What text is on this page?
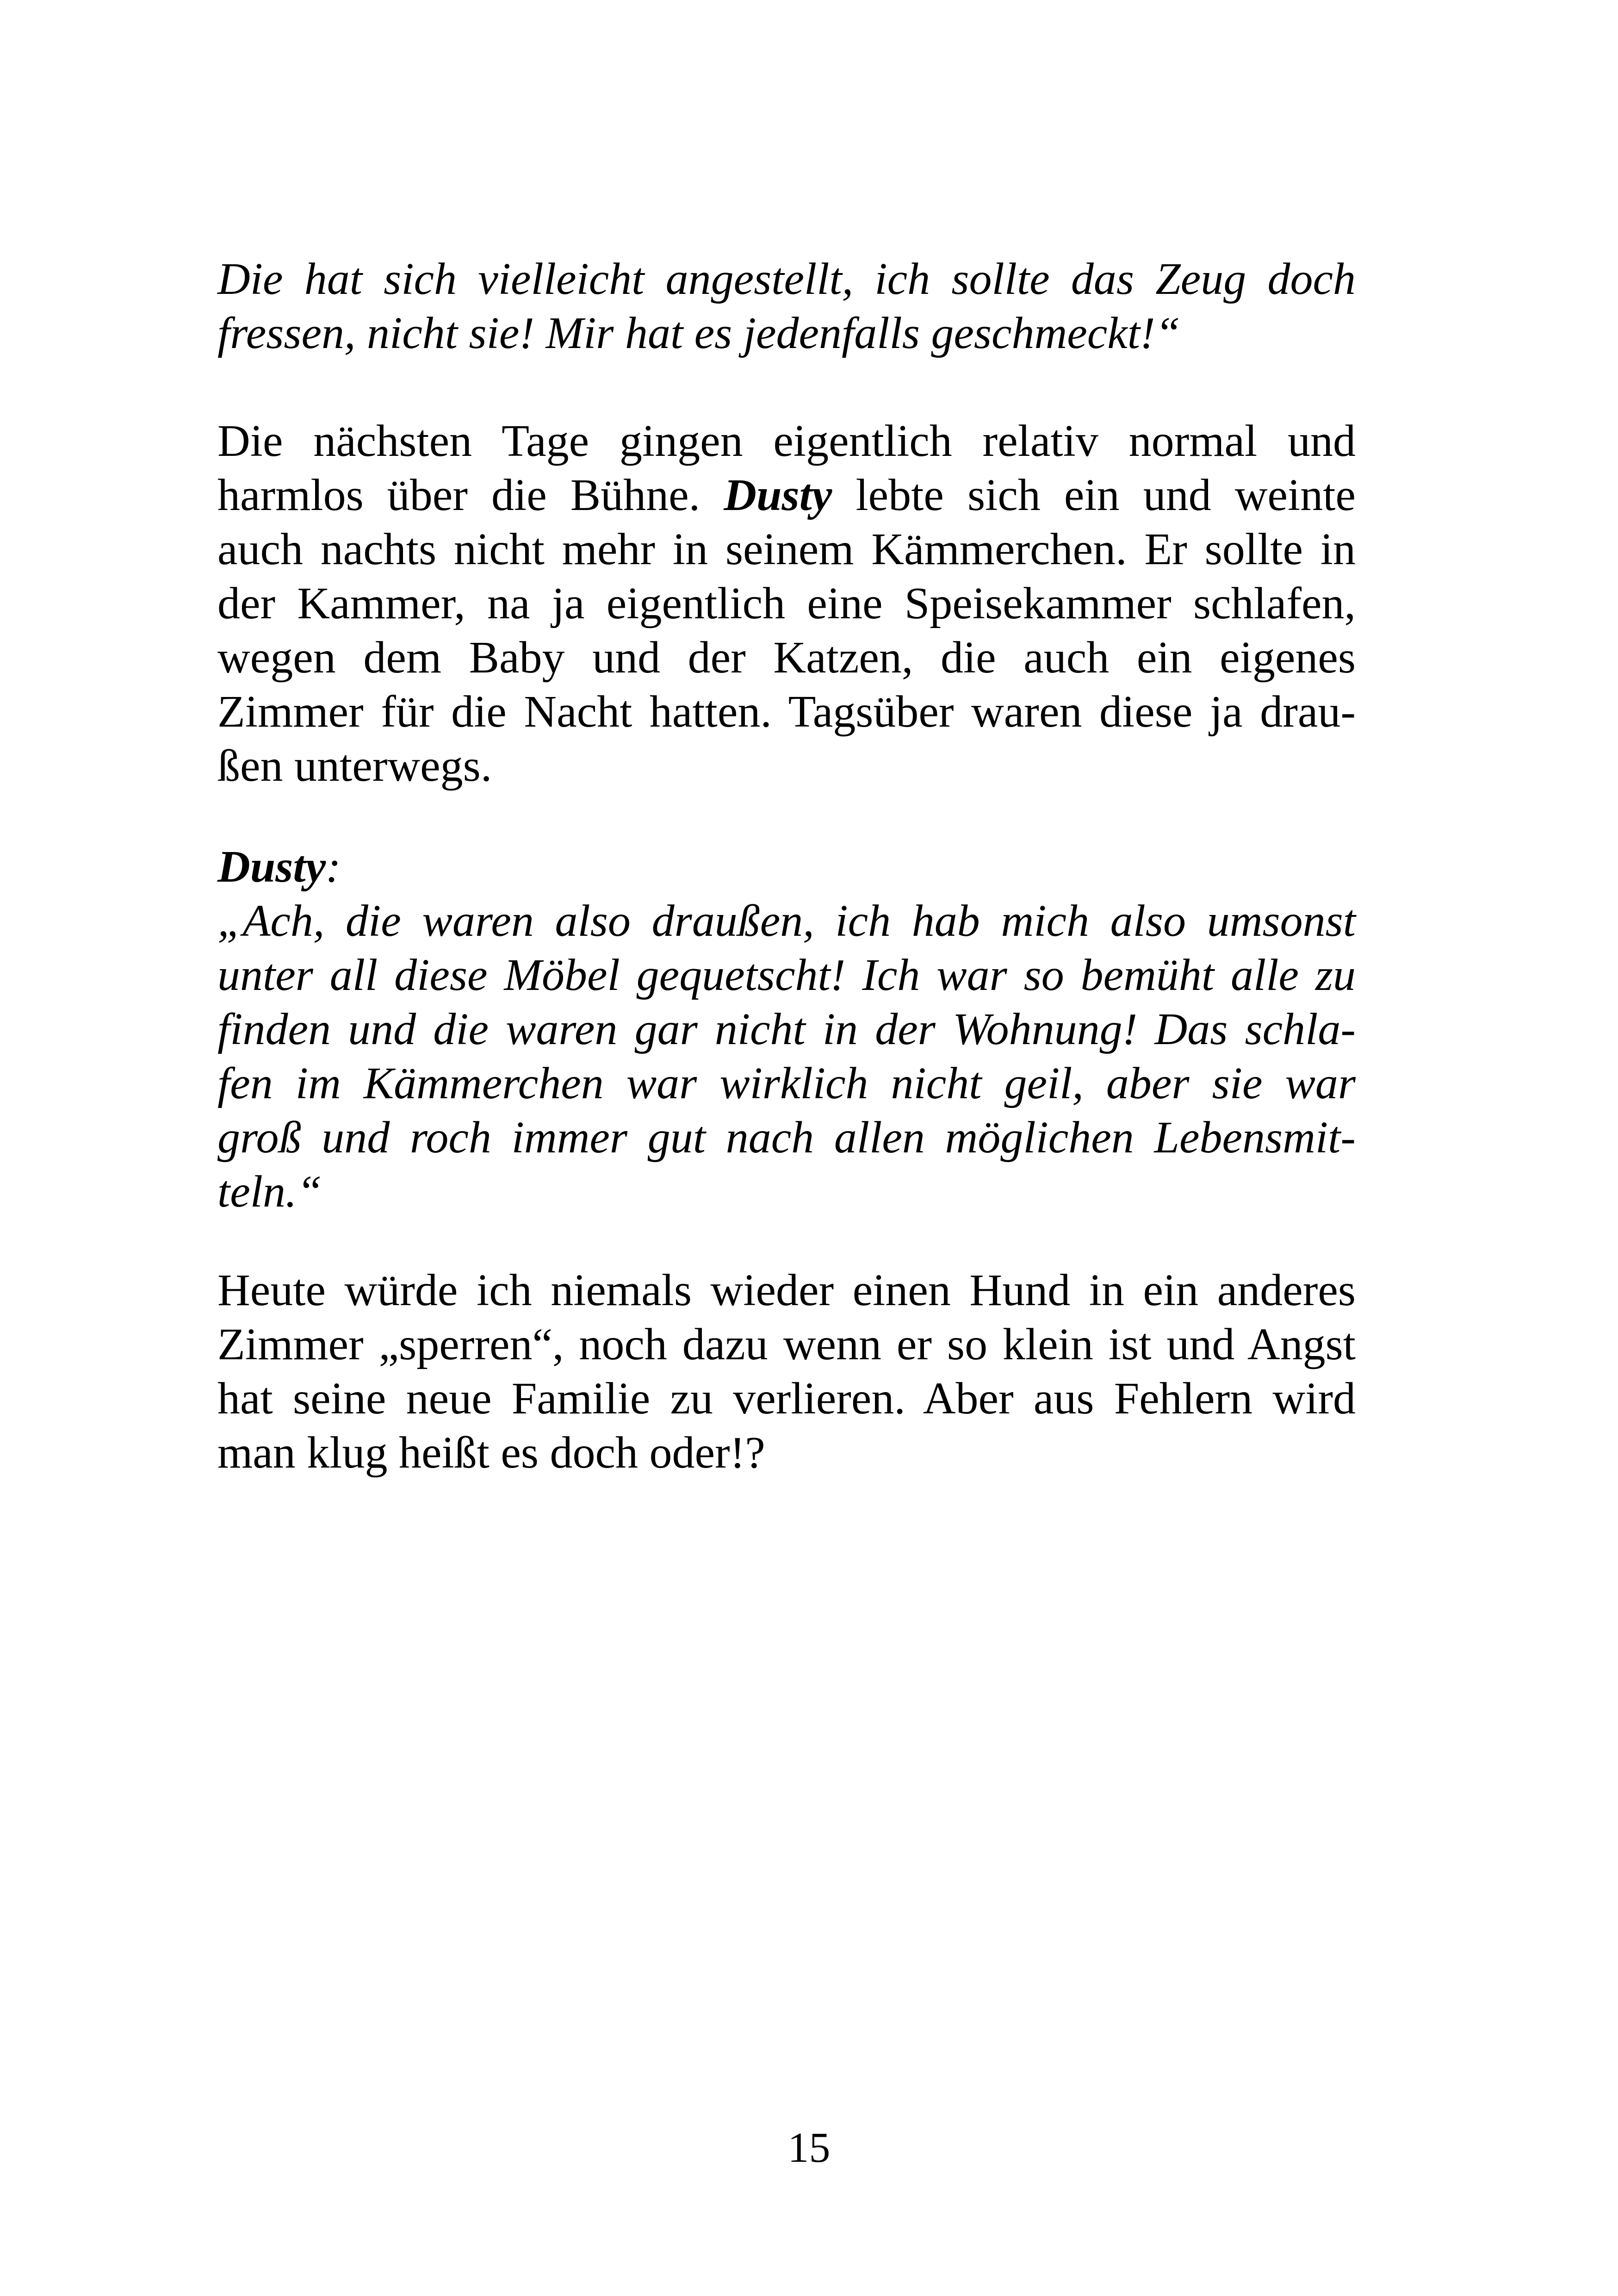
Die hat sich vielleicht angestellt, ich sollte das Zeug doch
fressen, nicht sie! Mir hat es jedenfalls geschmeckt!“
Die nächsten Tage gingen eigentlich relativ normal und
harmlos über die Bühne. Dusty lebte sich ein und weinte
auch nachts nicht mehr in seinem Kämmerchen. Er sollte in
der Kammer, na ja eigentlich eine Speisekammer schlafen,
wegen dem Baby und der Katzen, die auch ein eigenes
Zimmer für die Nacht hatten. Tagsüber waren diese ja drau-
ßen unterwegs.
Dusty:
„Ach, die waren also draußen, ich hab mich also umsonst
unter all diese Möbel gequetscht! Ich war so bemüht alle zu
finden und die waren gar nicht in der Wohnung! Das schla-
fen im Kämmerchen war wirklich nicht geil, aber sie war
groß und roch immer gut nach allen möglichen Lebensmit-
teln.“
Heute würde ich niemals wieder einen Hund in ein anderes
Zimmer „sperren“, noch dazu wenn er so klein ist und Angst
hat seine neue Familie zu verlieren. Aber aus Fehlern wird
man klug heißt es doch oder!?
15
